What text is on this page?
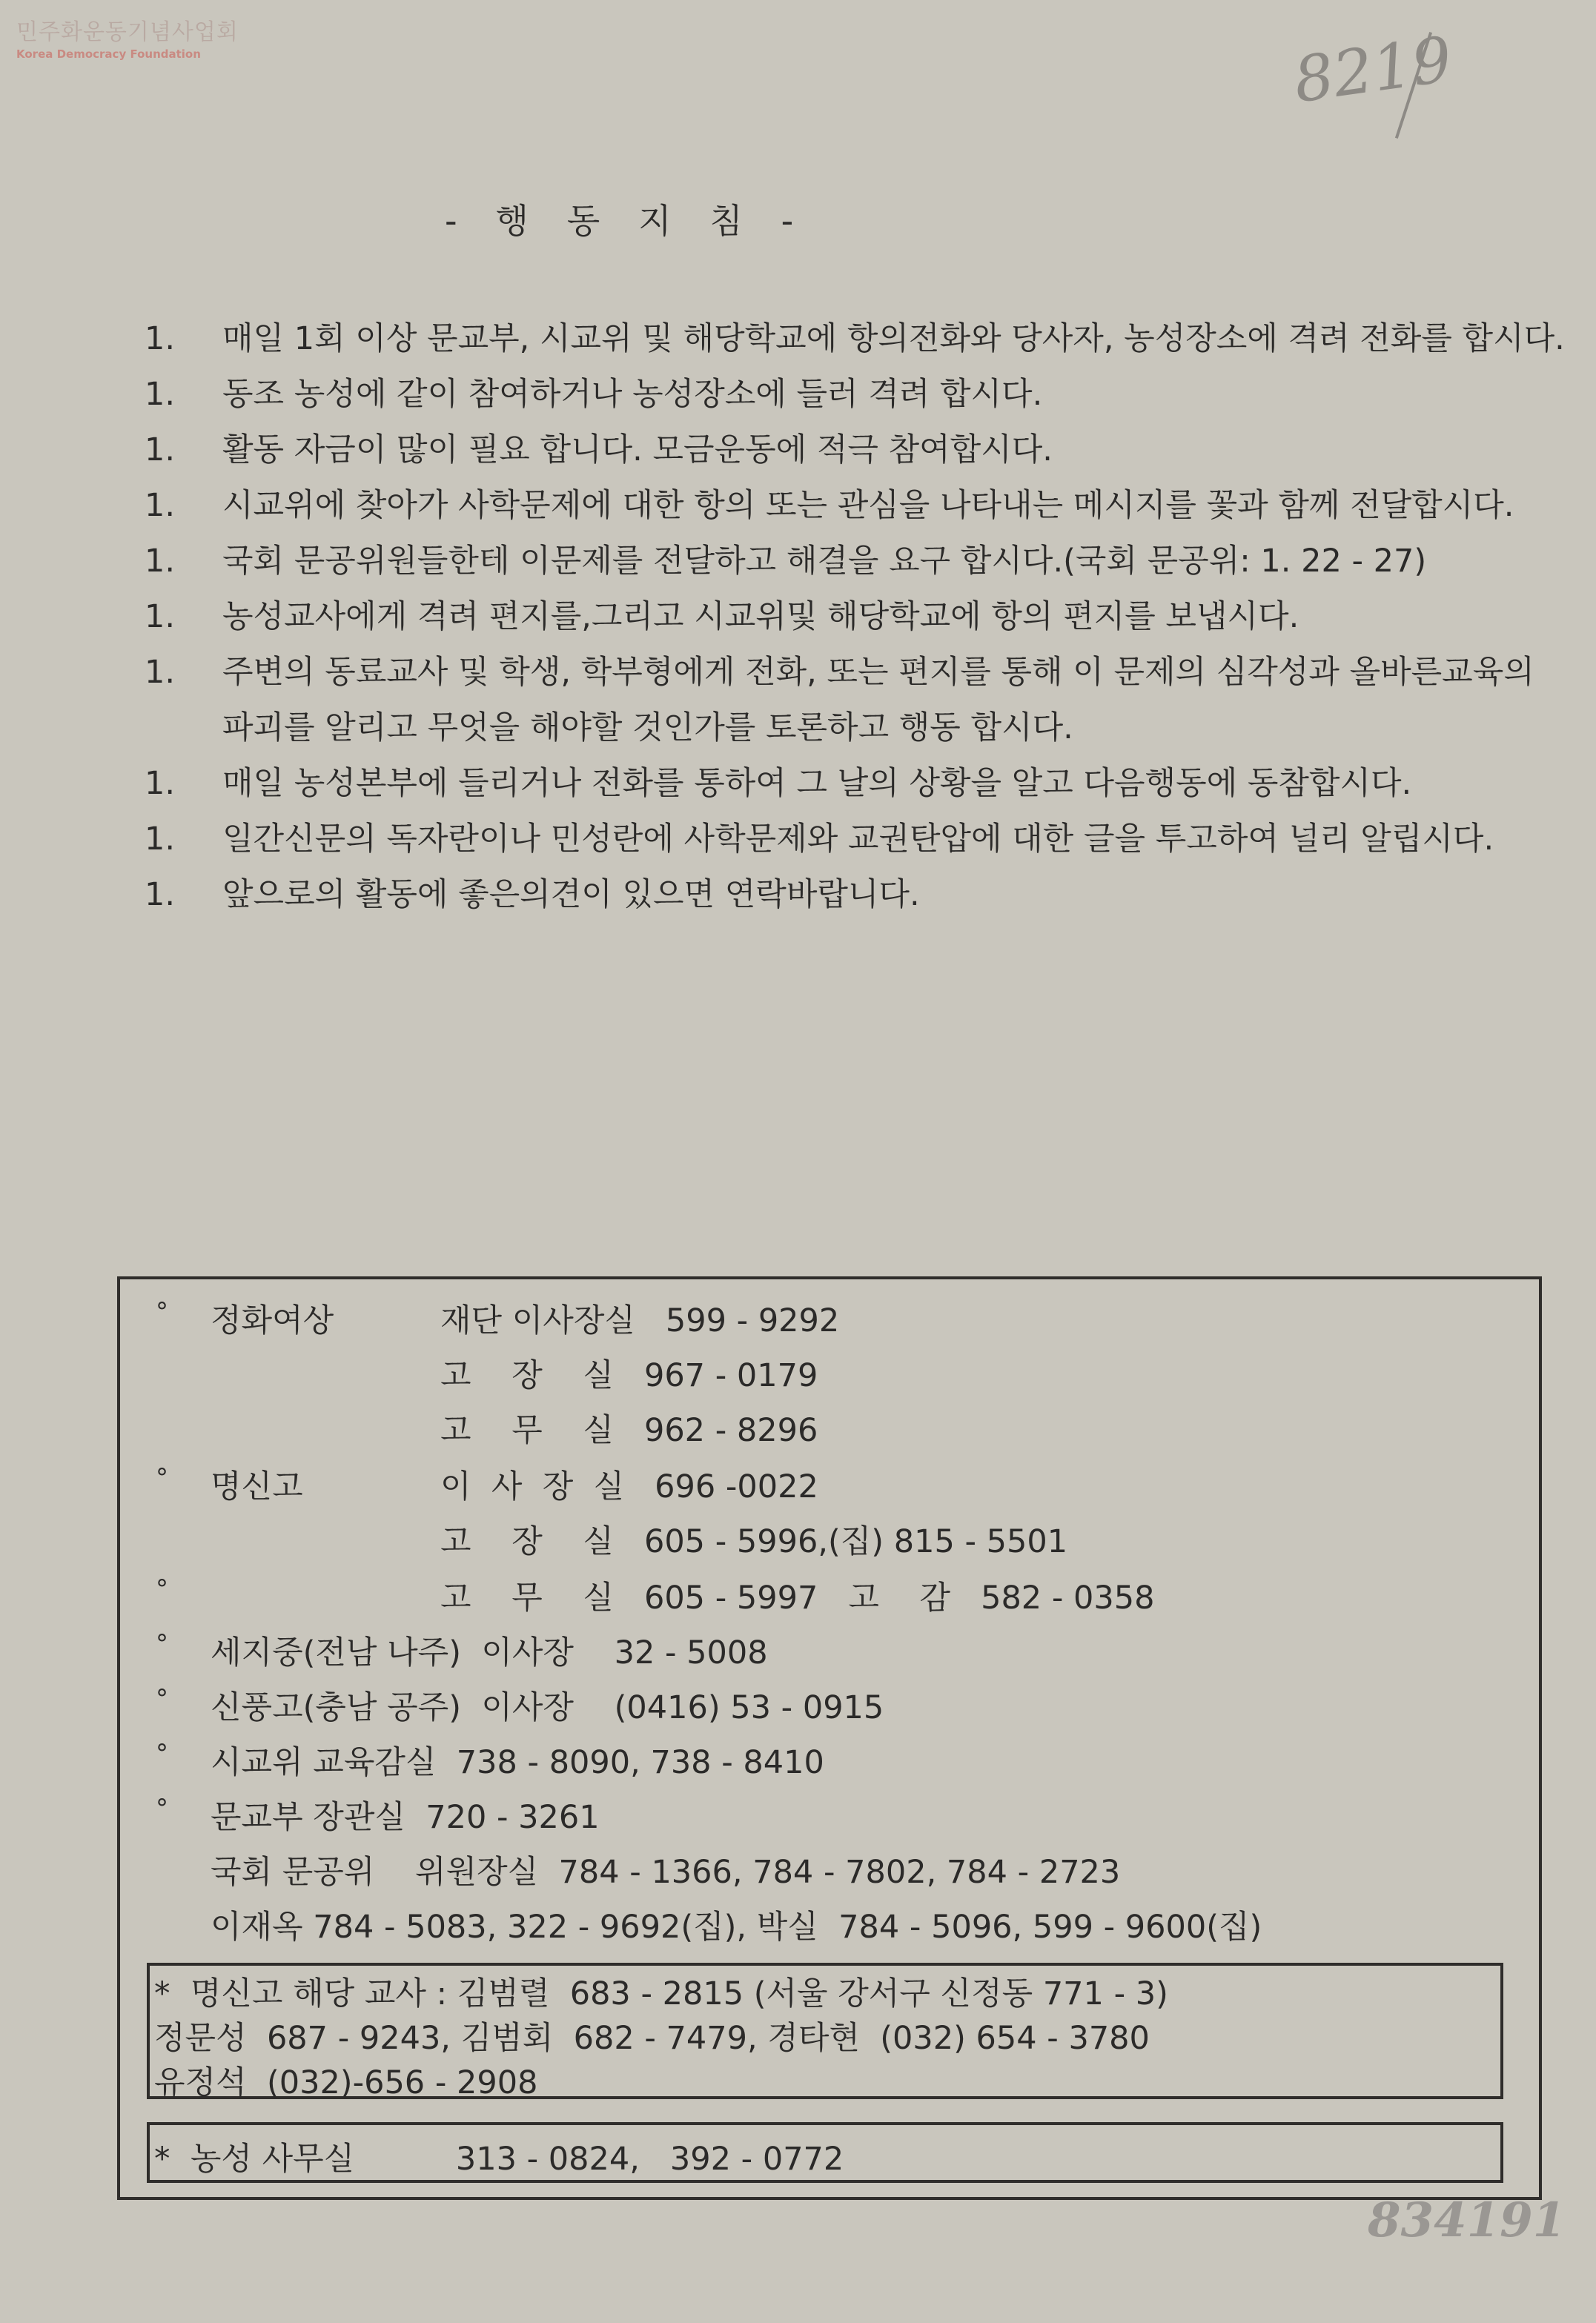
민주화운동기념사업회
Korea Democracy Foundation	8219
834191
-   행   동   지   침   -
1.	매일 1회 이상 문교부, 시교위 및 해당학교에 항의전화와 당사자, 농성장소에 격려 전화를 합시다.
1.	동조 농성에 같이 참여하거나 농성장소에 들러 격려 합시다.
1.	활동 자금이 많이 필요 합니다. 모금운동에 적극 참여합시다.
1.	시교위에 찾아가 사학문제에 대한 항의 또는 관심을 나타내는 메시지를 꽃과 함께 전달합시다.
1.	국회 문공위원들한테 이문제를 전달하고 해결을 요구 합시다.(국회 문공위: 1. 22 - 27)
1.	농성교사에게 격려 편지를,그리고 시교위및 해당학교에 항의 편지를 보냅시다.
1.	주변의 동료교사 및 학생, 학부형에게 전화, 또는 편지를 통해 이 문제의 심각성과 올바른교육의 파괴를 알리고 무엇을 해야할 것인가를 토론하고 행동 합시다.
1.	매일 농성본부에 들리거나 전화를 통하여 그 날의 상황을 알고 다음행동에 동참합시다.
1.	일간신문의 독자란이나 민성란에 사학문제와 교권탄압에 대한 글을 투고하여 널리 알립시다.
1.	앞으로의 활동에 좋은의견이 있으면 연락바랍니다.
°
°
°
°
°
°
°
정화여상	재단 이사장실   599 - 9292
고    장    실   967 - 0179
고    무    실   962 - 8296
명신고	이  사  장  실   696 -0022
고    장    실   605 - 5996,(집) 815 - 5501
고    무    실   605 - 5997   고    감   582 - 0358
세지중(전남 나주)  이사장    32 - 5008
신풍고(충남 공주)  이사장    (0416) 53 - 0915
시교위 교육감실  738 - 8090, 738 - 8410
문교부 장관실  720 - 3261
국회 문공위    위원장실  784 - 1366, 784 - 7802, 784 - 2723
이재옥 784 - 5083, 322 - 9692(집), 박실  784 - 5096, 599 - 9600(집)
*  명신고 해당 교사 : 김범렬  683 - 2815 (서울 강서구 신정동 771 - 3)
정문성  687 - 9243, 김범회  682 - 7479, 경타현  (032) 654 - 3780
유정석  (032)-656 - 2908
*  농성 사무실          313 - 0824,   392 - 0772
